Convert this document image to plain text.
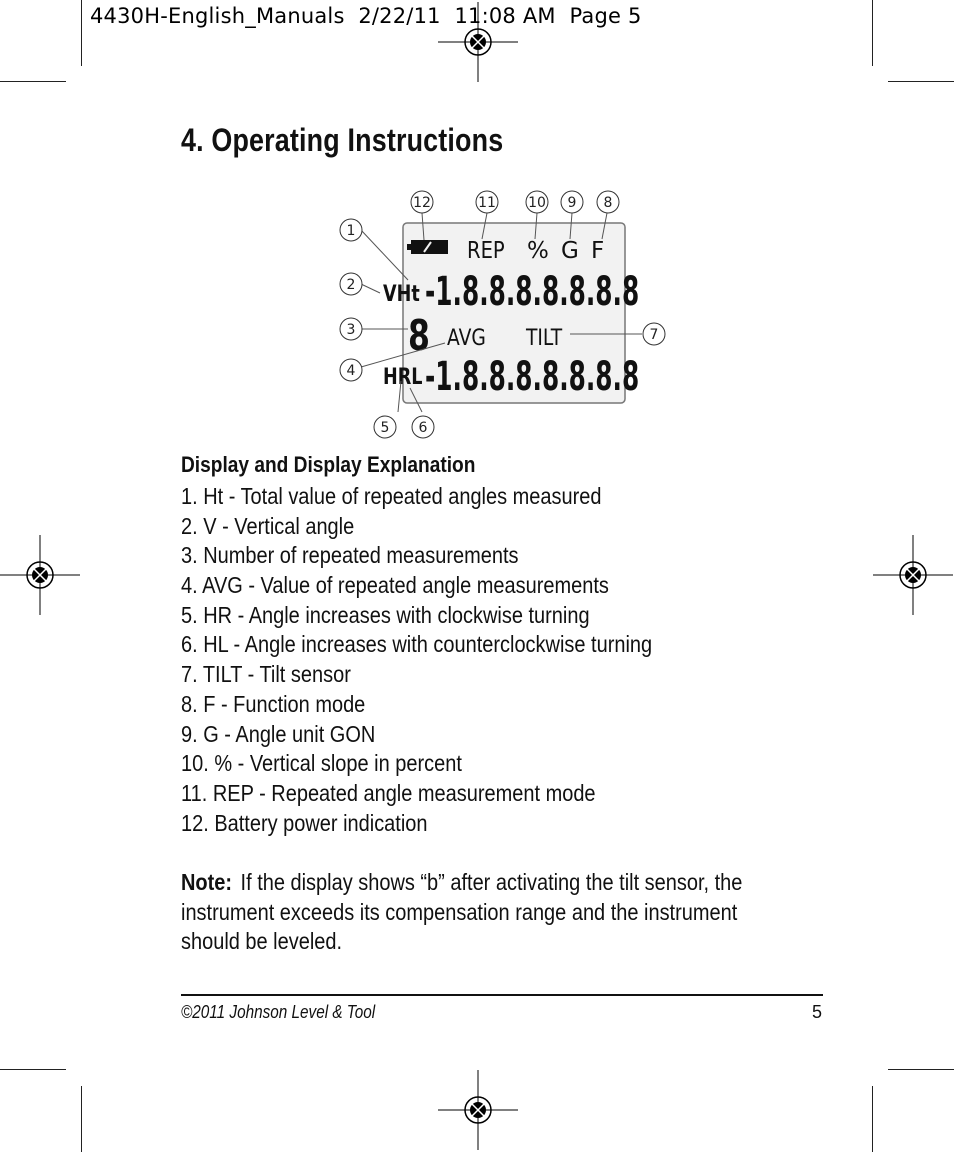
4430H-English_Manuals  2/22/11  11:08 AM  Page 5
4. Operating Instructions
REP % G F
VHt -1.8.8.8.8.8.8.8
8 AVG TILT
HRL -1.8.8.8.8.8.8.8
12	11 10 9 8
1
2
3
4
7
5 6
Display and Display Explanation
1. Ht - Total value of repeated angles measured
2. V - Vertical angle
3. Number of repeated measurements
4. AVG - Value of repeated angle measurements
5. HR - Angle increases with clockwise turning
6. HL - Angle increases with counterclockwise turning
7. TILT - Tilt sensor
8. F - Function mode
9. G - Angle unit GON
10. % - Vertical slope in percent
11. REP - Repeated angle measurement mode
12. Battery power indication
Note: If the display shows “b” after activating the tilt sensor, the instrument exceeds its compensation range and the instrument should be leveled.
©2011 Johnson Level & Tool	5
